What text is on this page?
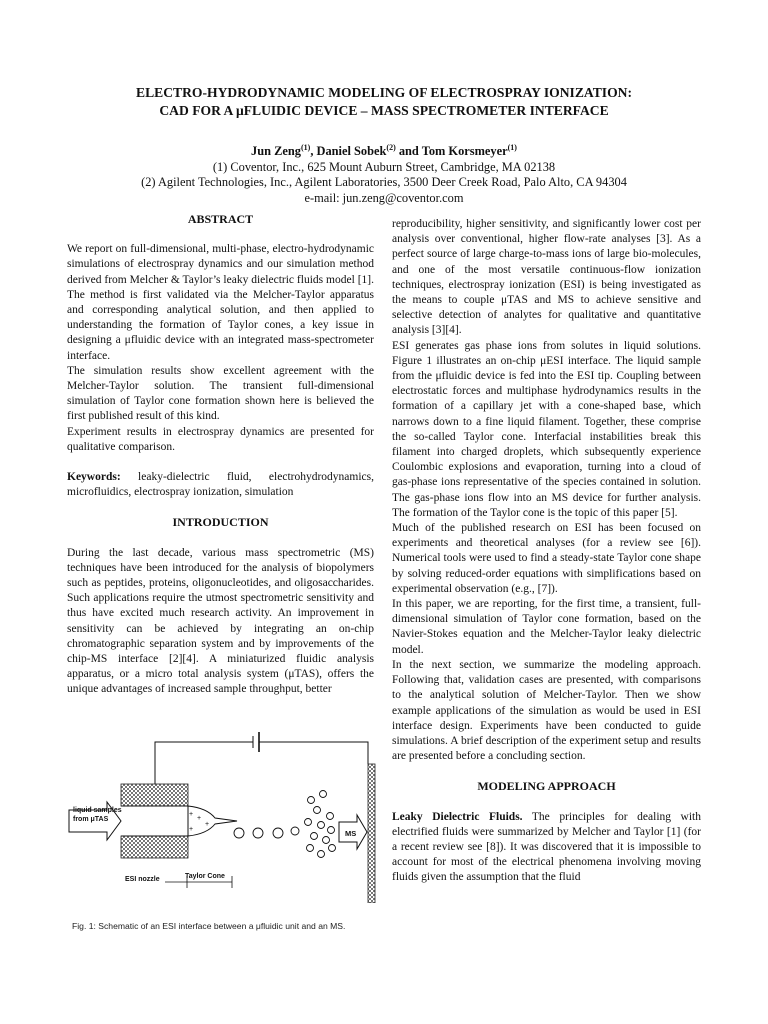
ELECTRO-HYDRODYNAMIC MODELING OF ELECTROSPRAY IONIZATION:
CAD FOR A μFLUIDIC DEVICE – MASS SPECTROMETER INTERFACE
Jun Zeng$^{(1)}$, Daniel Sobek$^{(2)}$ and Tom Korsmeyer$^{(1)}$
(1) Coventor, Inc., 625 Mount Auburn Street, Cambridge, MA 02138
(2) Agilent Technologies, Inc., Agilent Laboratories, 3500 Deer Creek Road, Palo Alto, CA 94304
e-mail: jun.zeng@coventor.com

ABSTRACT

We report on full-dimensional, multi-phase, electro-hydrodynamic simulations of electrospray dynamics and our simulation method derived from Melcher & Taylor’s leaky dielectric fluids model [1]. The method is first validated via the Melcher-Taylor apparatus and corresponding analytical solution, and then applied to understanding the formation of Taylor cones, a key issue in designing a μfluidic device with an integrated mass-spectrometer interface.

The simulation results show excellent agreement with the Melcher-Taylor solution. The transient full-dimensional simulation of Taylor cone formation shown here is believed the first published result of this kind.

Experiment results in electrospray dynamics are presented for qualitative comparison.

Keywords: leaky-dielectric fluid, electrohydrodynamics, microfluidics, electrospray ionization, simulation

INTRODUCTION

During the last decade, various mass spectrometric (MS) techniques have been introduced for the analysis of biopolymers such as peptides, proteins, oligonucleotides, and oligosaccharides. Such applications require the utmost spectrometric sensitivity and thus have excited much research activity. An improvement in sensitivity can be achieved by integrating an on-chip chromatographic separation system and by improvements of the chip-MS interface [2][4]. A miniaturized fluidic analysis apparatus, or a micro total analysis system (μTAS), offers the unique advantages of increased sample throughput, better

+
+
+
+
liquid samples
from μTAS
MS
ESI nozzle	Taylor Cone
Fig. 1: Schematic of an ESI interface between a μfluidic unit and an MS.

reproducibility, higher sensitivity, and significantly lower cost per analysis over conventional, higher flow-rate analyses [3]. As a perfect source of large charge-to-mass ions of large bio-molecules, and one of the most versatile continuous-flow ionization techniques, electrospray ionization (ESI) is being investigated as the means to couple μTAS and MS to achieve sensitive and selective detection of analytes for qualitative and quantitative analysis [3][4].

ESI generates gas phase ions from solutes in liquid solutions. Figure 1 illustrates an on-chip μESI interface. The liquid sample from the μfluidic device is fed into the ESI tip. Coupling between electrostatic forces and multiphase hydrodynamics results in the formation of a capillary jet with a cone-shaped base, which narrows down to a fine liquid filament. Together, these comprise the so-called Taylor cone. Interfacial instabilities break this filament into charged droplets, which subsequently experience Coulombic explosions and evaporation, turning into a cloud of gas-phase ions representative of the species contained in solution. The gas-phase ions flow into an MS device for further analysis. The formation of the Taylor cone is the topic of this paper [5].

Much of the published research on ESI has been focused on experiments and theoretical analyses (for a review see [6]). Numerical tools were used to find a steady-state Taylor cone shape by solving reduced-order equations with simplifications based on experimental observation (e.g., [7]).

In this paper, we are reporting, for the first time, a transient, full-dimensional simulation of Taylor cone formation, based on the Navier-Stokes equation and the Melcher-Taylor leaky dielectric model.

In the next section, we summarize the modeling approach. Following that, validation cases are presented, with comparisons to the analytical solution of Melcher-Taylor. Then we show example applications of the simulation as would be used in ESI interface design. Experiments have been conducted to guide simulations. A brief description of the experiment setup and results are presented before a concluding section.

MODELING APPROACH

Leaky Dielectric Fluids. The principles for dealing with electrified fluids were summarized by Melcher and Taylor [1] (for a recent review see [8]). It was discovered that it is impossible to account for most of the electrical phenomena involving moving fluids given the assumption that the fluid
